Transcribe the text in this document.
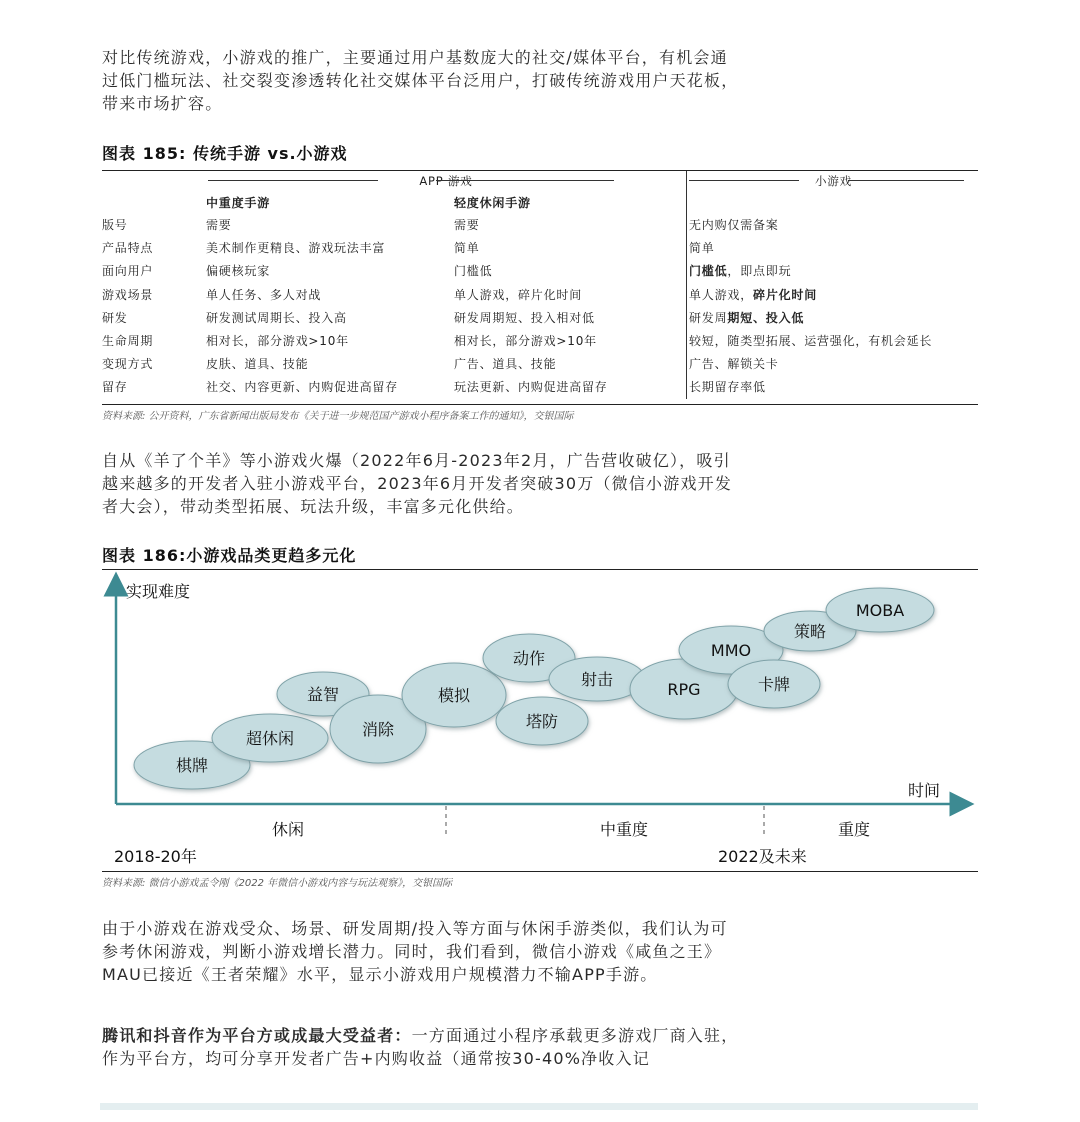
对比传统游戏，小游戏的推广，主要通过用户基数庞大的社交/媒体平台，有机会通过低门槛玩法、社交裂变渗透转化社交媒体平台泛用户，打破传统游戏用户天花板，带来市场扩容。
图表 185: 传统手游 vs.小游戏

APP 游戏		小游戏

	中重度手游	轻度休闲手游	
版号	需要	需要	无内购仅需备案
产品特点	美术制作更精良、游戏玩法丰富	简单	简单
面向用户	偏硬核玩家	门槛低	门槛低，即点即玩
游戏场景	单人任务、多人对战	单人游戏，碎片化时间	单人游戏，碎片化时间
研发	研发测试周期长、投入高	研发周期短、投入相对低	研发周期短、投入低
生命周期	相对长，部分游戏>10年	相对长，部分游戏>10年	较短，随类型拓展、运营强化，有机会延长
变现方式	皮肤、道具、技能	广告、道具、技能	广告、解锁关卡
留存	社交、内容更新、内购促进高留存	玩法更新、内购促进高留存	长期留存率低
资料来源: 公开资料，广东省新闻出版局发布《关于进一步规范国产游戏小程序备案工作的通知》，交银国际
自从《羊了个羊》等小游戏火爆（2022年6月-2023年2月，广告营收破亿），吸引越来越多的开发者入驻小游戏平台，2023年6月开发者突破30万（微信小游戏开发者大会），带动类型拓展、玩法升级，丰富多元化供给。
图表 186:小游戏品类更趋多元化
实现难度
时间
休闲	中重度	重度
2018-20年	2022及未来
棋牌
超休闲
益智
消除
模拟
塔防
动作
射击
RPG
MMO
卡牌
策略
MOBA
资料来源: 微信小游戏孟令刚《2022 年微信小游戏内容与玩法观察》，交银国际
由于小游戏在游戏受众、场景、研发周期/投入等方面与休闲手游类似，我们认为可参考休闲游戏，判断小游戏增长潜力。同时，我们看到，微信小游戏《咸鱼之王》MAU已接近《王者荣耀》水平，显示小游戏用户规模潜力不输APP手游。
腾讯和抖音作为平台方或成最大受益者：一方面通过小程序承载更多游戏厂商入驻，作为平台方，均可分享开发者广告+内购收益（通常按30-40%净收入记
